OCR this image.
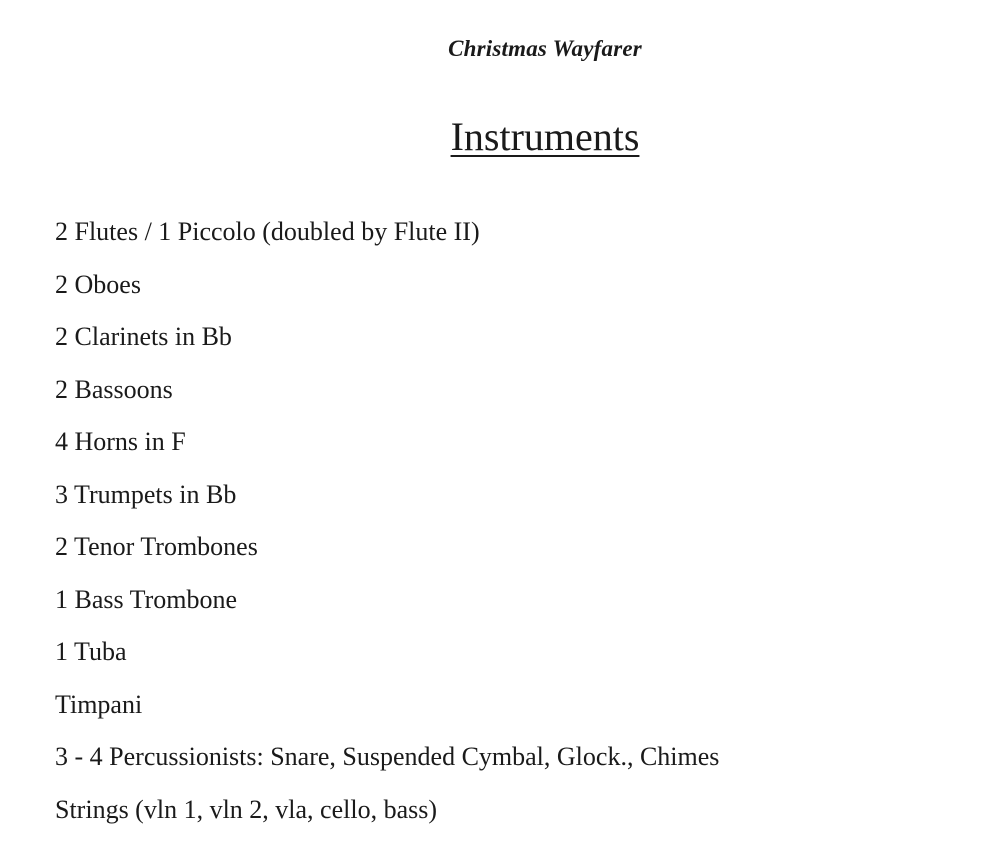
Christmas Wayfarer
Instruments
2 Flutes / 1 Piccolo (doubled by Flute II)
2 Oboes
2 Clarinets in Bb
2 Bassoons
4 Horns in F
3 Trumpets in Bb
2 Tenor Trombones
1 Bass Trombone
1 Tuba
Timpani
3 - 4 Percussionists: Snare, Suspended Cymbal, Glock., Chimes
Strings (vln 1, vln 2, vla, cello, bass)
